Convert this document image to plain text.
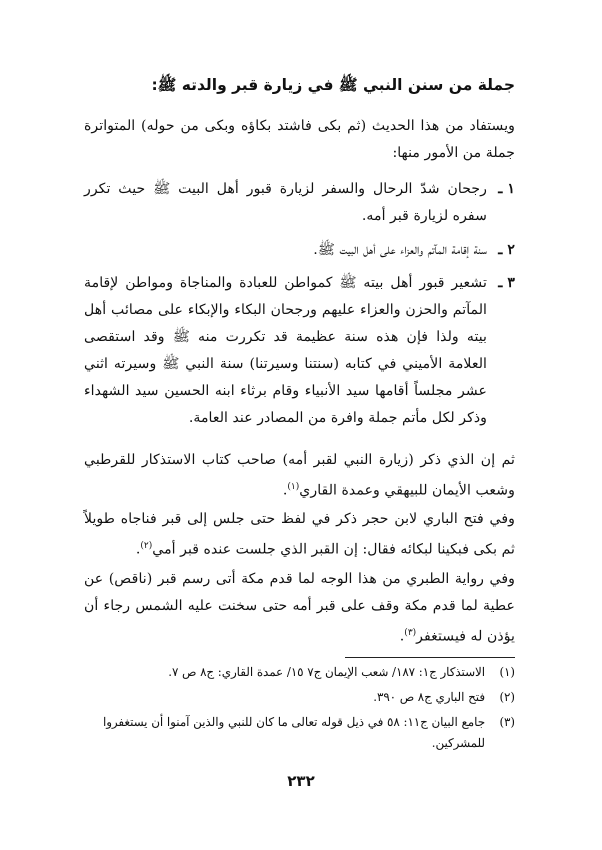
جملة من سنن النبي ﷺ في زيارة قبر والدته ﷺ:
ويستفاد من هذا الحديث (ثم بكى فاشتد بكاؤه وبكى من حوله) المتواترة جملة من الأمور منها:
١ ـ
رجحان شدّ الرحال والسفر لزيارة قبور أهل البيت ﷺ حيث تكرر سفره لزيارة قبر أمه.
٢ ـ
سنة إقامة المآتم والعزاء على أهل البيت ﷺ.
٣ ـ
تشعير قبور أهل بيته ﷺ كمواطن للعبادة والمناجاة ومواطن لإقامة المآتم والحزن والعزاء عليهم ورجحان البكاء والإبكاء على مصائب أهل بيته ولذا فإن هذه سنة عظيمة قد تكررت منه ﷺ وقد استقصى العلامة الأميني في كتابه (سنتنا وسيرتنا) سنة النبي ﷺ وسيرته اثني عشر مجلساً أقامها سيد الأنبياء وقام برثاء ابنه الحسين سيد الشهداء وذكر لكل مأتم جملة وافرة من المصادر عند العامة.
ثم إن الذي ذكر (زيارة النبي لقبر أمه) صاحب كتاب الاستذكار للقرطبي وشعب الأيمان للبيهقي وعمدة القاري$^{(١)}$.
وفي فتح الباري لابن حجر ذكر في لفظ حتى جلس إلى قبر فناجاه طويلاً ثم بكى فبكينا لبكائه فقال: إن القبر الذي جلست عنده قبر أمي$^{(٢)}$.
وفي رواية الطبري من هذا الوجه لما قدم مكة أتى رسم قبر (ناقص) عن عطية لما قدم مكة وقف على قبر أمه حتى سخنت عليه الشمس رجاء أن يؤذن له فيستغفر$^{(٣)}$.
(١)
الاستذكار ج١: ١٨٧/ شعب الإيمان ج٧ ١٥/ عمدة القاري: ج٨ ص ٧.
(٢)
فتح الباري ج٨ ص ٣٩٠.
(٣)
جامع البيان ج١١: ٥٨ في ذيل قوله تعالى ما كان للنبي والذين آمنوا أن يستغفروا للمشركين.
٢٣٢
